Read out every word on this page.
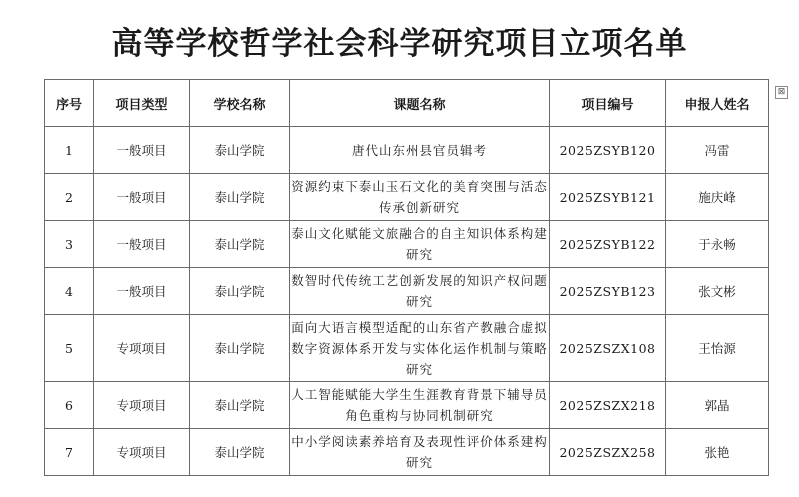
高等学校哲学社会科学研究项目立项名单
⊠
序号	项目类型	学校名称	课题名称	项目编号	申报人姓名
1	一般项目	泰山学院	唐代山东州县官员辑考	2025ZSYB120	冯雷
2	一般项目	泰山学院	资源约束下泰山玉石文化的美育突围与活态传承创新研究	2025ZSYB121	施庆峰
3	一般项目	泰山学院	泰山文化赋能文旅融合的自主知识体系构建研究	2025ZSYB122	于永畅
4	一般项目	泰山学院	数智时代传统工艺创新发展的知识产权问题研究	2025ZSYB123	张文彬
5	专项项目	泰山学院	面向大语言模型适配的山东省产教融合虚拟数字资源体系开发与实体化运作机制与策略研究	2025ZSZX108	王怡源
6	专项项目	泰山学院	人工智能赋能大学生生涯教育背景下辅导员角色重构与协同机制研究	2025ZSZX218	郭晶
7	专项项目	泰山学院	中小学阅读素养培育及表现性评价体系建构研究	2025ZSZX258	张艳
